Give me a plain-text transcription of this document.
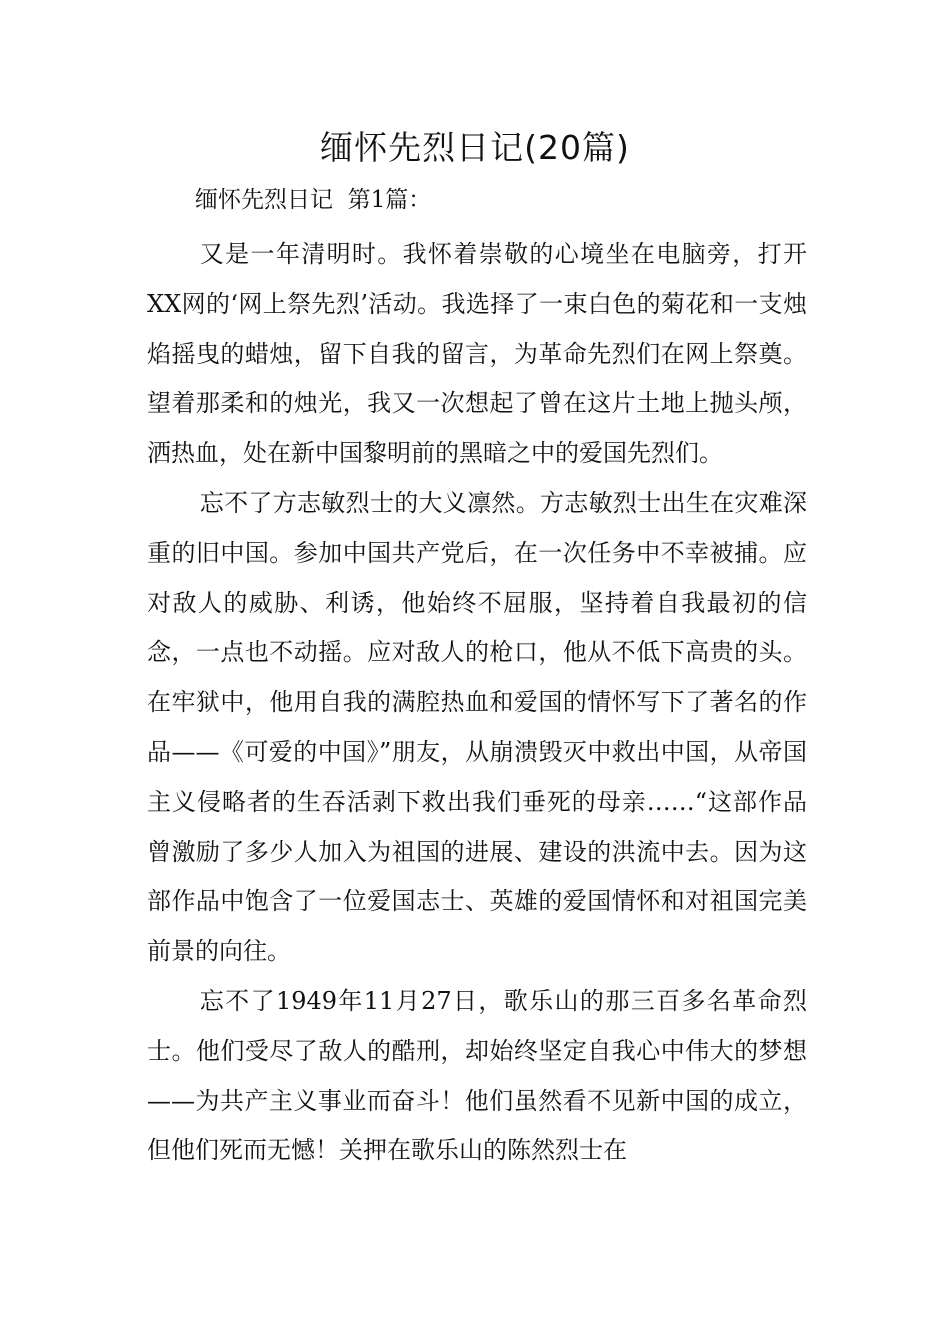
缅怀先烈日记(20篇)
缅怀先烈日记  第1篇：

又是一年清明时。我怀着崇敬的心境坐在电脑旁，打开XX网的‘网上祭先烈’活动。我选择了一束白色的菊花和一支烛焰摇曳的蜡烛，留下自我的留言，为革命先烈们在网上祭奠。望着那柔和的烛光，我又一次想起了曾在这片土地上抛头颅，洒热血，处在新中国黎明前的黑暗之中的爱国先烈们。

忘不了方志敏烈士的大义凛然。方志敏烈士出生在灾难深重的旧中国。参加中国共产党后，在一次任务中不幸被捕。应对敌人的威胁、利诱，他始终不屈服，坚持着自我最初的信念，一点也不动摇。应对敌人的枪口，他从不低下高贵的头。在牢狱中，他用自我的满腔热血和爱国的情怀写下了著名的作品——《可爱的中国》”朋友，从崩溃毁灭中救出中国，从帝国主义侵略者的生吞活剥下救出我们垂死的母亲……“这部作品曾激励了多少人加入为祖国的进展、建设的洪流中去。因为这部作品中饱含了一位爱国志士、英雄的爱国情怀和对祖国完美前景的向往。

忘不了1949年11月27日，歌乐山的那三百多名革命烈士。他们受尽了敌人的酷刑，却始终坚定自我心中伟大的梦想——为共产主义事业而奋斗！他们虽然看不见新中国的成立，但他们死而无憾！关押在歌乐山的陈然烈士在
